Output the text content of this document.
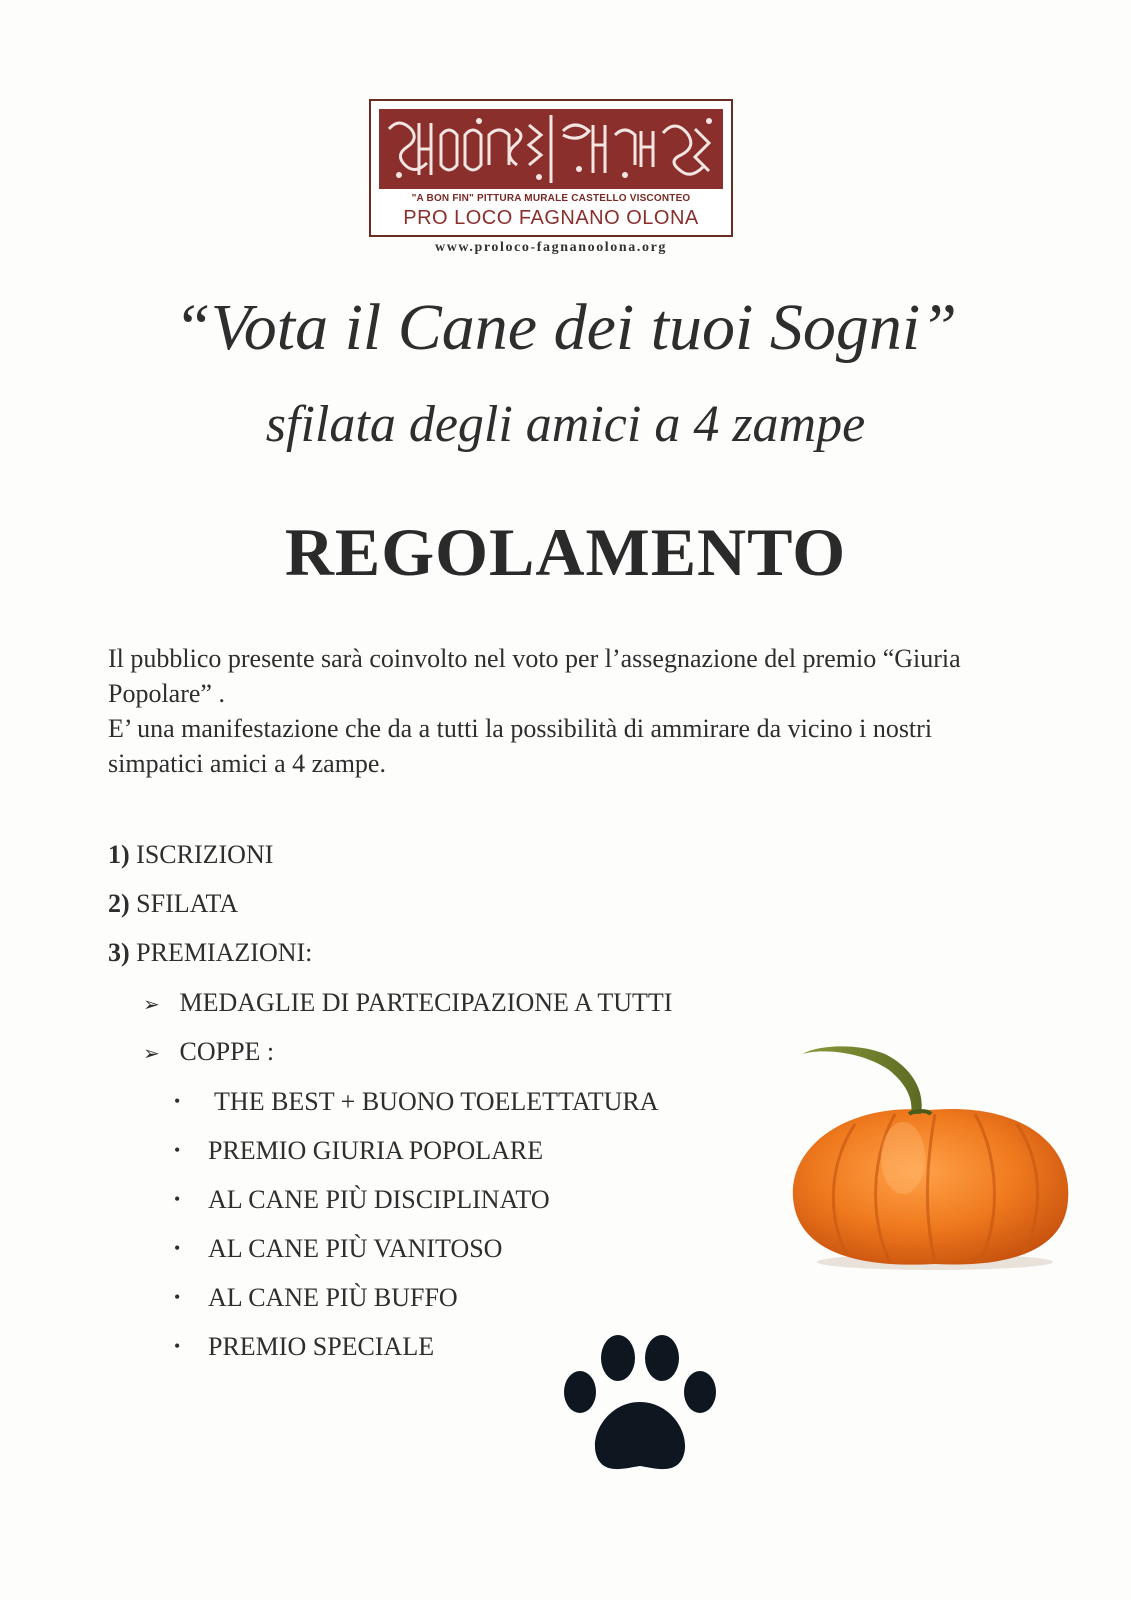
"A BON FIN" PITTURA MURALE CASTELLO VISCONTEO
PRO LOCO FAGNANO OLONA
www.proloco-fagnanoolona.org
“Vota il Cane dei tuoi Sogni”
sfilata degli amici a 4 zampe
REGOLAMENTO

Il pubblico presente sarà coinvolto nel voto per l’assegnazione del premio “Giuria Popolare” .

E’ una manifestazione che da a tutti la possibilità di ammirare da vicino i nostri simpatici amici a 4 zampe.

1) ISCRIZIONI
2) SFILATA
3) PREMIAZIONI:
➢ MEDAGLIE DI PARTECIPAZIONE A TUTTI
➢ COPPE :
• THE BEST + BUONO TOELETTATURA
• PREMIO GIURIA POPOLARE
• AL CANE PIÙ DISCIPLINATO
• AL CANE PIÙ VANITOSO
• AL CANE PIÙ BUFFO
• PREMIO SPECIALE
